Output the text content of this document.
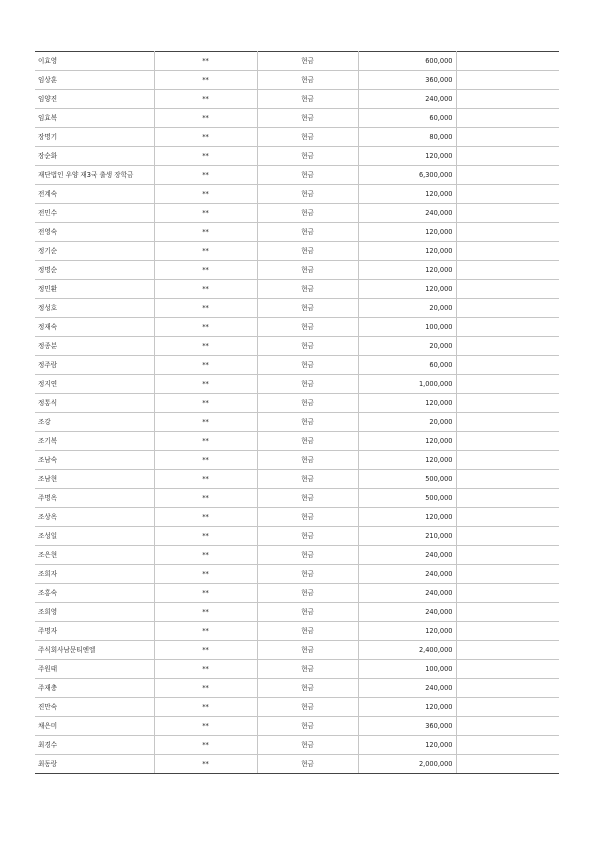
이효영	**	현금	600,000	
임상훈	**	현금	360,000	
임양진	**	현금	240,000	
임효복	**	현금	60,000	
장명기	**	현금	80,000	
장순화	**	현금	120,000	
재단법인 우양 재3국 출생 장학금	**	현금	6,300,000	
전계숙	**	현금	120,000	
전민수	**	현금	240,000	
전영숙	**	현금	120,000	
정기순	**	현금	120,000	
정명순	**	현금	120,000	
정민환	**	현금	120,000	
정성호	**	현금	20,000	
정재숙	**	현금	100,000	
정종분	**	현금	20,000	
정주람	**	현금	60,000	
정지연	**	현금	1,000,000	
정통식	**	현금	120,000	
조강	**	현금	20,000	
조기복	**	현금	120,000	
조남숙	**	현금	120,000	
조남현	**	현금	500,000	
주명옥	**	현금	500,000	
조상옥	**	현금	120,000	
조성일	**	현금	210,000	
조은현	**	현금	240,000	
조희자	**	현금	240,000	
조홍숙	**	현금	240,000	
조희영	**	현금	240,000	
주명자	**	현금	120,000	
주식회사남문티엔엘	**	현금	2,400,000	
주원태	**	현금	100,000	
주재충	**	현금	240,000	
진만숙	**	현금	120,000	
채은미	**	현금	360,000	
최경수	**	현금	120,000	
최동랑	**	현금	2,000,000	
